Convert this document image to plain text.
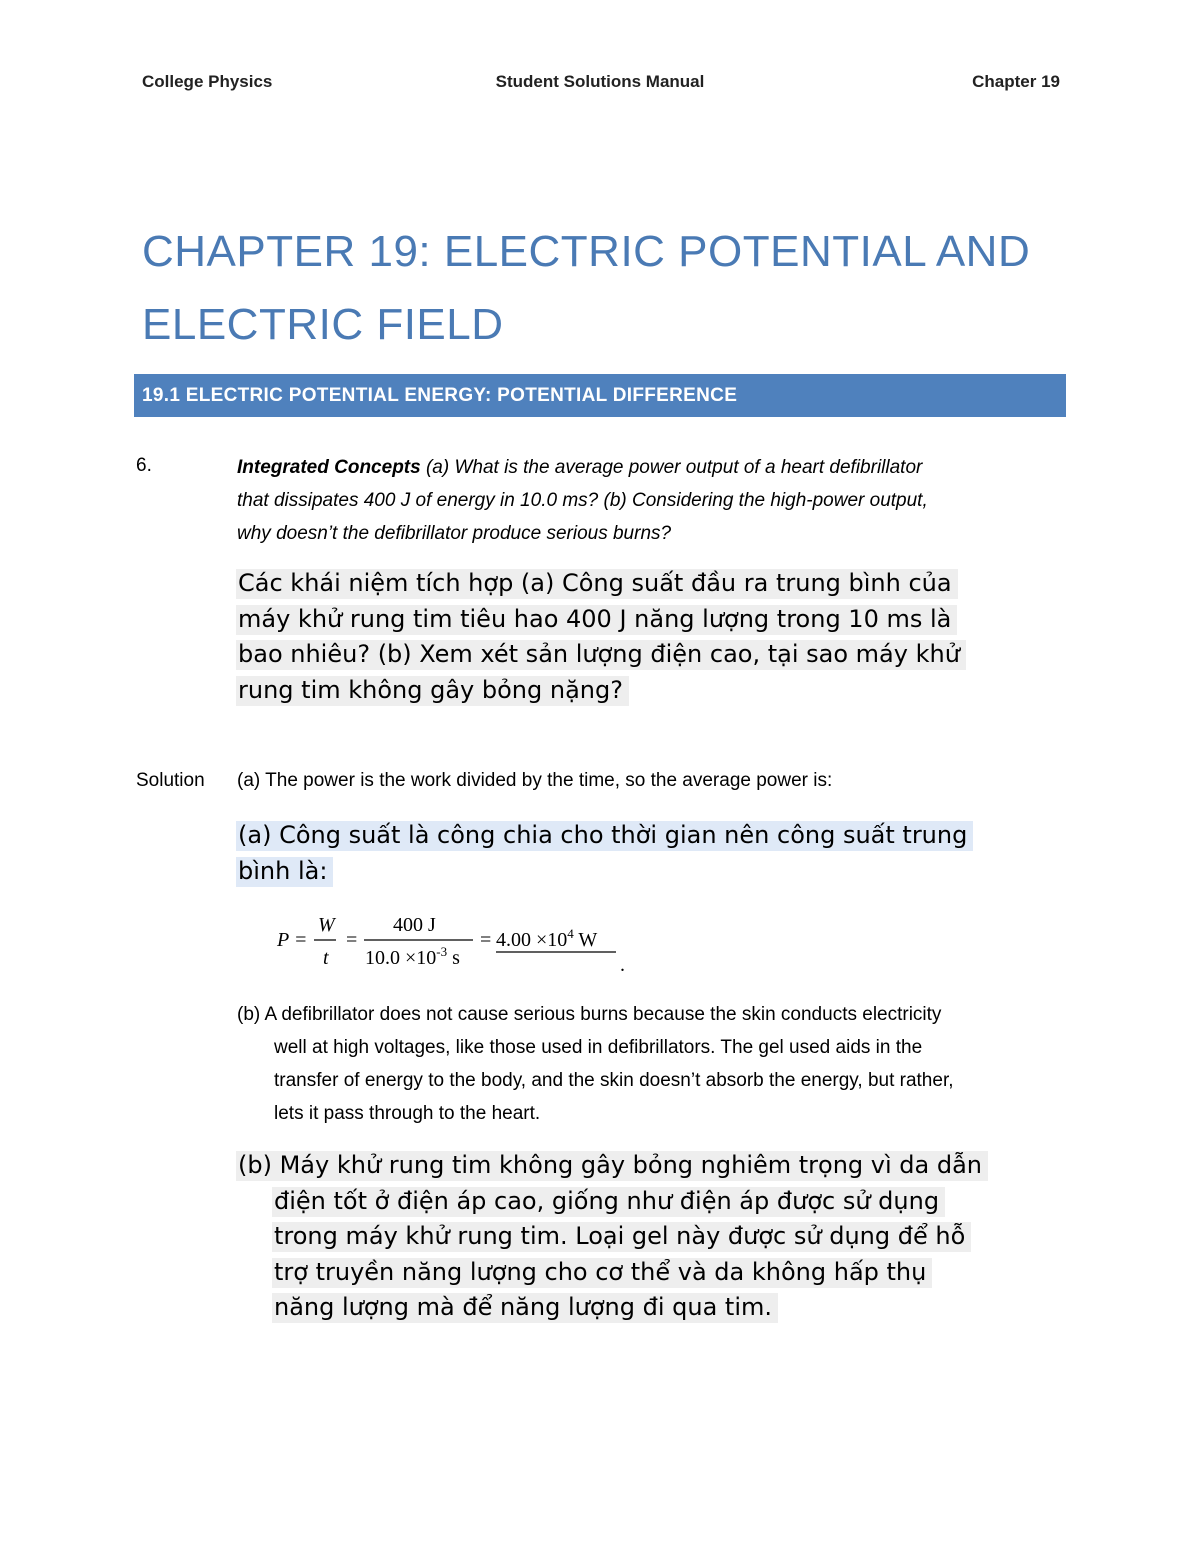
College Physics	Student Solutions Manual	Chapter 19
CHAPTER 19: ELECTRIC POTENTIAL AND
ELECTRIC FIELD
19.1 ELECTRIC POTENTIAL ENERGY: POTENTIAL DIFFERENCE
6.	Integrated Concepts (a) What is the average power output of a heart defibrillator
that dissipates 400 J of energy in 10.0 ms? (b) Considering the high-power output,
why doesn’t the defibrillator produce serious burns?
Các khái niệm tích hợp (a) Công suất đầu ra trung bình của
máy khử rung tim tiêu hao 400 J năng lượng trong 10 ms là
bao nhiêu? (b) Xem xét sản lượng điện cao, tại sao máy khử
rung tim không gây bỏng nặng?
Solution (a) The power is the work divided by the time, so the average power is:
(a) Công suất là công chia cho thời gian nên công suất trung
bình là:
P =
W
t
=
400 J
$10.0 \times 10^{-3}$ s
= $4.00 \times 10^4$ W
.
(b) A defibrillator does not cause serious burns because the skin conducts electricity
well at high voltages, like those used in defibrillators. The gel used aids in the
transfer of energy to the body, and the skin doesn’t absorb the energy, but rather,
lets it pass through to the heart.
(b) Máy khử rung tim không gây bỏng nghiêm trọng vì da dẫn
điện tốt ở điện áp cao, giống như điện áp được sử dụng
trong máy khử rung tim. Loại gel này được sử dụng để hỗ
trợ truyền năng lượng cho cơ thể và da không hấp thụ
năng lượng mà để năng lượng đi qua tim.
